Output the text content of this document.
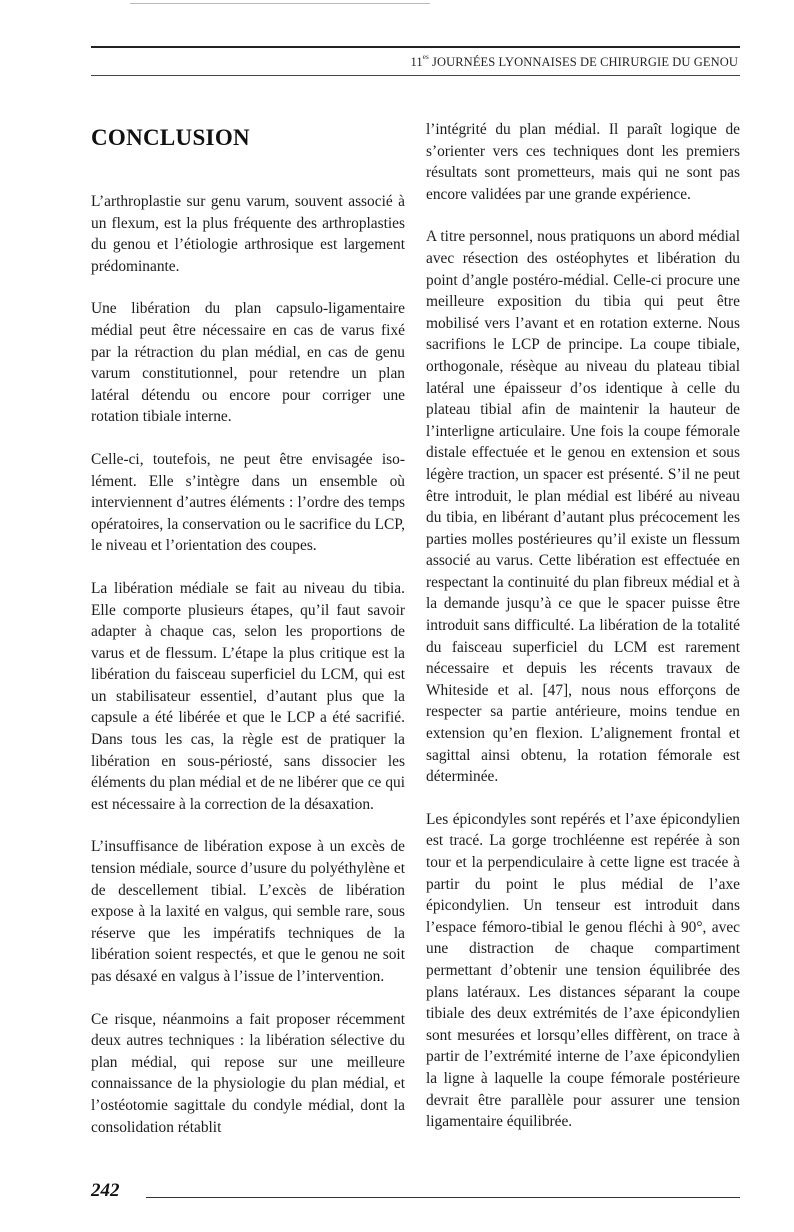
$11^{es}$ JOURNÉES LYONNAISES DE CHIRURGIE DU GENOU
CONCLUSION

L’arthroplastie sur genu varum, souvent associé à un flexum, est la plus fréquente des arthroplasties du genou et l’étiologie arthrosique est largement prédominante.

Une libération du plan capsulo-ligamentaire médial peut être nécessaire en cas de varus fixé par la rétraction du plan médial, en cas de genu varum constitutionnel, pour retendre un plan latéral détendu ou encore pour corriger une rotation tibiale interne.

Celle-ci, toutefois, ne peut être envisagée isolément. Elle s’intègre dans un ensemble où interviennent d’autres éléments : l’ordre des temps opératoires, la conservation ou le sacrifice du LCP, le niveau et l’orientation des coupes.

La libération médiale se fait au niveau du tibia. Elle comporte plusieurs étapes, qu’il faut savoir adapter à chaque cas, selon les proportions de varus et de flessum. L’étape la plus critique est la libération du faisceau superficiel du LCM, qui est un stabilisateur essentiel, d’autant plus que la capsule a été libérée et que le LCP a été sacrifié. Dans tous les cas, la règle est de pratiquer la libération en sous-périosté, sans dissocier les éléments du plan médial et de ne libérer que ce qui est nécessaire à la correction de la désaxation.

L’insuffisance de libération expose à un excès de tension médiale, source d’usure du polyéthylène et de descellement tibial. L’excès de libération expose à la laxité en valgus, qui semble rare, sous réserve que les impératifs techniques de la libération soient respectés, et que le genou ne soit pas désaxé en valgus à l’issue de l’intervention.

Ce risque, néanmoins a fait proposer récemment deux autres techniques : la libération sélective du plan médial, qui repose sur une meilleure connaissance de la physiologie du plan médial, et l’ostéotomie sagittale du condyle médial, dont la consolidation rétablit

l’intégrité du plan médial. Il paraît logique de s’orienter vers ces techniques dont les premiers résultats sont prometteurs, mais qui ne sont pas encore validées par une grande expérience.

A titre personnel, nous pratiquons un abord médial avec résection des ostéophytes et libération du point d’angle postéro-médial. Celle-ci procure une meilleure exposition du tibia qui peut être mobilisé vers l’avant et en rotation externe. Nous sacrifions le LCP de principe. La coupe tibiale, orthogonale, résèque au niveau du plateau tibial latéral une épaisseur d’os identique à celle du plateau tibial afin de maintenir la hauteur de l’interligne articulaire. Une fois la coupe fémorale distale effectuée et le genou en extension et sous légère traction, un spacer est présenté. S’il ne peut être introduit, le plan médial est libéré au niveau du tibia, en libérant d’autant plus précocement les parties molles postérieures qu’il existe un flessum associé au varus. Cette libération est effectuée en respectant la continuité du plan fibreux médial et à la demande jusqu’à ce que le spacer puisse être introduit sans difficulté. La libération de la totalité du faisceau superficiel du LCM est rarement nécessaire et depuis les récents travaux de Whiteside et al. [47], nous nous efforçons de respecter sa partie antérieure, moins tendue en extension qu’en flexion. L’alignement frontal et sagittal ainsi obtenu, la rotation fémorale est déterminée.

Les épicondyles sont repérés et l’axe épicondylien est tracé. La gorge trochléenne est repérée à son tour et la perpendiculaire à cette ligne est tracée à partir du point le plus médial de l’axe épicondylien. Un tenseur est introduit dans l’espace fémoro-tibial le genou fléchi à 90°, avec une distraction de chaque compartiment permettant d’obtenir une tension équilibrée des plans latéraux. Les distances séparant la coupe tibiale des deux extrémités de l’axe épicondylien sont mesurées et lorsqu’elles diffèrent, on trace à partir de l’extrémité interne de l’axe épicondylien la ligne à laquelle la coupe fémorale postérieure devrait être parallèle pour assurer une tension ligamentaire équilibrée.

242
